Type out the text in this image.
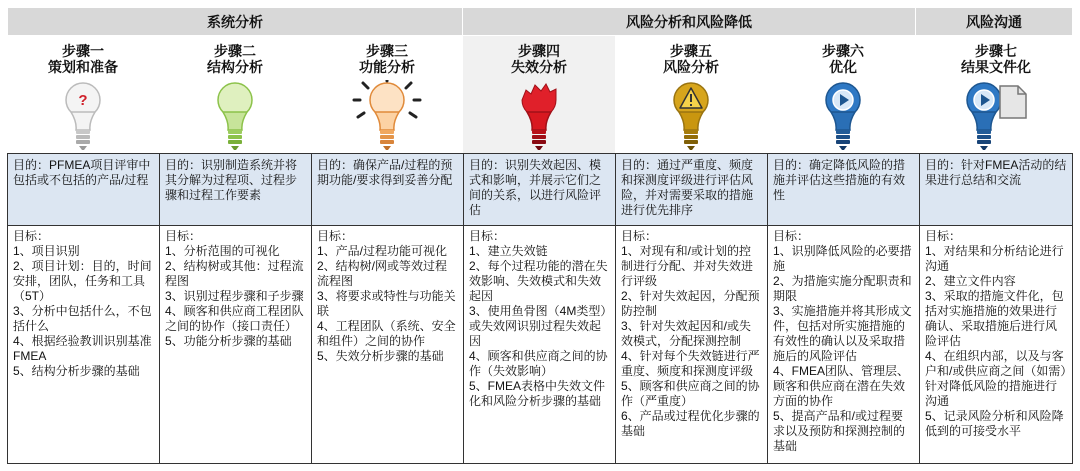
系统分析	风险分析和风险降低	风险沟通
步骤一
策划和准备
?
步骤二
结构分析
步骤三
功能分析
步骤四
失效分析
步骤五
风险分析
步骤六
优化
步骤七
结果文件化
目的：PFMEA项目评审中包括或不包括的产品/过程
目标：
1、项目识别
2、项目计划：目的，时间安排，团队，任务和工具（5T）
3、分析中包括什么，不包括什么
4、根据经验教训识别基准FMEA
5、结构分析步骤的基础
目的：识别制造系统并将其分解为过程项、过程步骤和过程工作要素
目标：
1、分析范围的可视化
2、结构树或其他：过程流程图
3、识别过程步骤和子步骤
4、顾客和供应商工程团队之间的协作（接口责任）
5、功能分析步骤的基础
目的：确保产品/过程的预期功能/要求得到妥善分配
目标：
1、产品/过程功能可视化
2、结构树/网或等效过程流程图
3、将要求或特性与功能关联
4、工程团队（系统、安全和组件）之间的协作
5、失效分析步骤的基础
目的：识别失效起因、模式和影响，并展示它们之间的关系，以进行风险评估
目标：
1、建立失效链
2、每个过程功能的潜在失效影响、失效模式和失效起因
3、使用鱼骨图（4M类型）或失效网识别过程失效起因
4、顾客和供应商之间的协作（失效影响）
5、FMEA表格中失效文件化和风险分析步骤的基础
目的：通过严重度、频度和探测度评级进行评估风险，并对需要采取的措施进行优先排序
目标：
1、对现有和/或计划的控制进行分配、并对失效进行评级
2、针对失效起因，分配预防控制
3、针对失效起因和/或失效模式，分配探测控制
4、针对每个失效链进行严重度、频度和探测度评级
5、顾客和供应商之间的协作（严重度）
6、产品或过程优化步骤的基础
目的：确定降低风险的措施并评估这些措施的有效性
目标：
1、识别降低风险的必要措施
2、为措施实施分配职责和期限
3、实施措施并将其形成文件，包括对所实施措施的有效性的确认以及采取措施后的风险评估
4、FMEA团队、管理层、顾客和供应商在潜在失效方面的协作
5、提高产品和/或过程要求以及预防和探测控制的基础
目的：针对FMEA活动的结果进行总结和交流
目标：
1、对结果和分析结论进行沟通
2、建立文件内容
3、采取的措施文件化，包括对实施措施的效果进行确认、采取措施后进行风险评估
4、在组织内部，以及与客户和/或供应商之间（如需）针对降低风险的措施进行沟通
5、记录风险分析和风险降低到的可接受水平
